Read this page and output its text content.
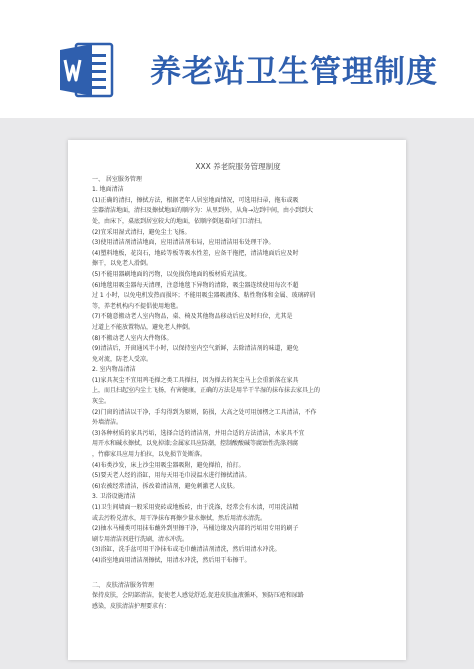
养老站卫生管理制度
XXX 养老院服务管理制度
一、 居室服务管理
1. 地面清洁
(1)正确的清扫，擦拭方法，根据老年人居室地面情况，可选用扫帚，拖布或吸
尘器清洁地面，清扫及擦拭地面的顺序为：从里到外，从角→边到中间，由小到到大
处，由床下，桌底到居室较大的地面，依顺序倒退着向门口清扫。
(2)宜采用湿式清扫，避免尘土飞扬。
(3)使用清洁剂清洁地面，应用清洁剂布局，应用清洁用布处理干净。
(4)塑料地板，花岗石，地砖等板等吸水性差，应备干拖把，清洁地面后应及时
擦干，以免老人滑倒。
(5)不能用器刷地面的污物，以免损伤地面的板材质光洁度。
(6)地毯用吸尘器每天清理，注意地毯下异物的清除，吸尘器连续使用每次不超
过 1 小时，以免电机发热而损坏；不能用吸尘器吸液体、粘性物体和金属、玻璃碎屑
等，养老机构内不提倡使用地毯。
(7)不随意搬动老人室内物品，桌、椅及其他物品移动后应及时归位，尤其是
过道上不能放置物品，避免老人摔倒。
(8)不搬动老人室内大件物体。
(9)清洁后，开窗通风半小时，以保持室内空气新鲜，去除清洁剂的味道，避免
免对流，防老人受凉。
2. 室内物品清洁
(1)家具灰尘不宜用鸡毛掸之类工具掸扫，因为掸去的灰尘马上会重新落在家具
上，而且扫起室内尘土飞扬，有害健康，正确的方法是用半干半湿的抹布抹去家具上的
灰尘。
(2)门窗的清洁以干净，手勾得到为原则，防损，大高之处可用加楞之工具清洁，不作
外墙清洁。
(3)各种材质的家具污垢，选择合适的清洁剂，并用合适的方法清洁，木家具不宜
用开水和碱水擦拭，以免掉漆;金属家具应防潮，控制酸酸碱等腐蚀性洗涤剂腐
，竹藤家具应用力拍拉，以免损节处断落。
(4)布类沙发，床上沙尘用吸尘器吸附，避免掸拍，拍打。
(5)要天老人经的浴缸，用每天用毛巾浸温水进行擦拭清洁。
(6)农被经常清洁，拆改着清洁剂，避免刺激老人皮肤。
3. 卫浴设施清洁
(1)卫生间墙面一般采用瓷砖或地板砖，由于洗涤，经常会有水渍，可用洗洁精
或去污粉兑清水，用干净抹布再擦少量水擦拭，然后用清水清洗。
(2)抽水马桶类可用抹布蘸外到里擦干净，马桶边缘及内部的污垢用专用的刷子
刷专用清洁剂进行洗刷，清水冲洗。
(3)浴缸，洗手盆可用干净抹布或毛巾蘸清洁剂清洗，然后用清水冲洗。
(4)浴室地面用清洁剂擦拭，用清水冲洗，然后用干布擦干。
二、 皮肤清洁服务管理
保持皮肤，会阴部清洁，促使老人感觉舒适,促进皮肤血液循环，预防压疮和尿路
感染，皮肤清洁护理要求有：
